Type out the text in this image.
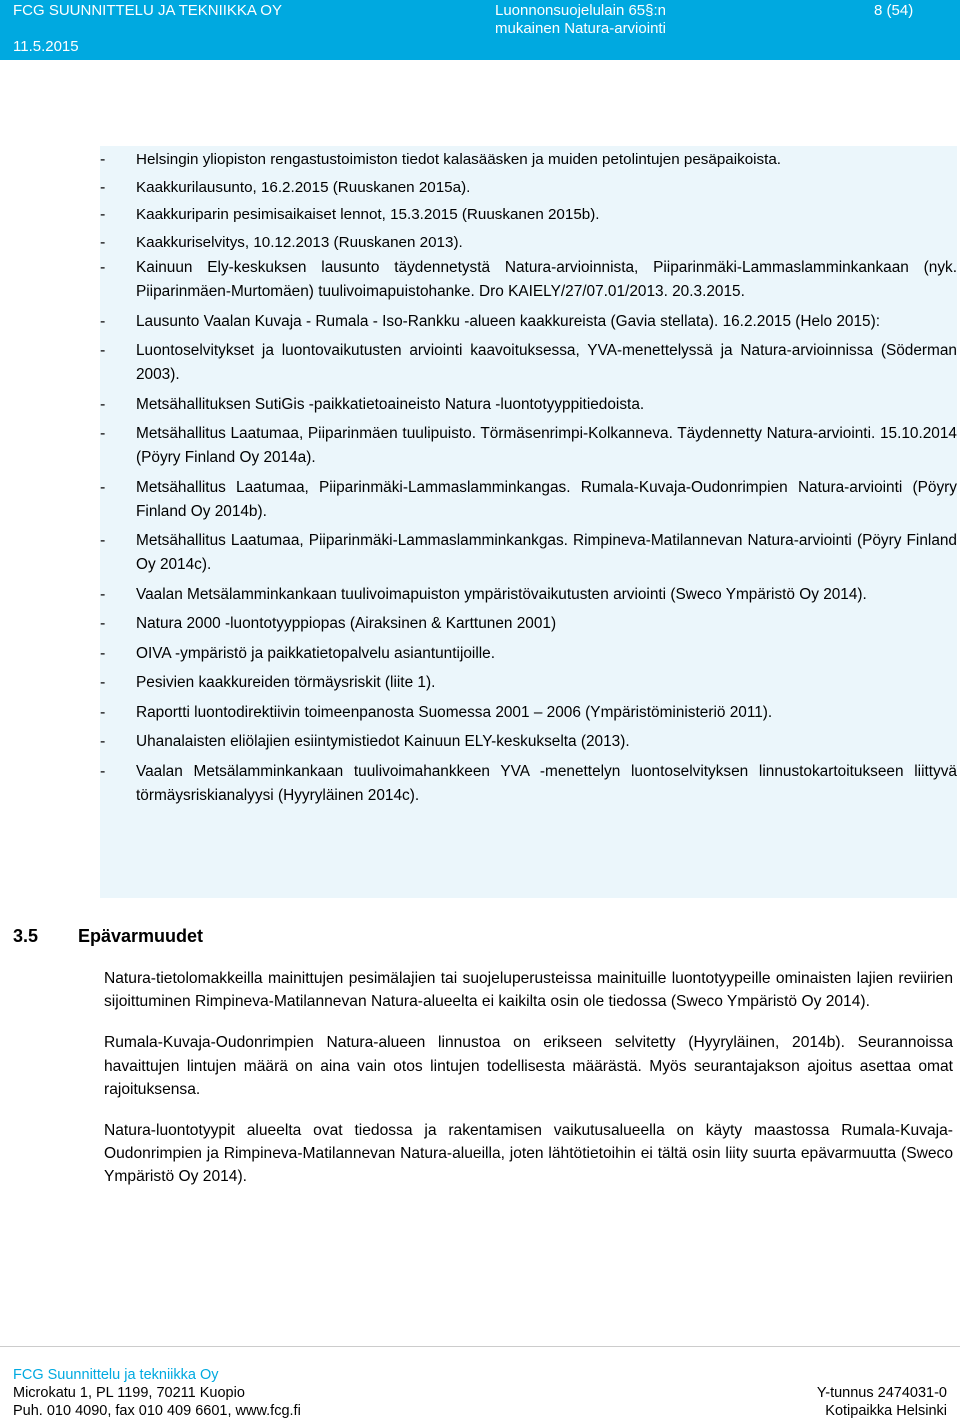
FCG SUUNNITTELU JA TEKNIIKKA OY
11.5.2015
Luonnonsuojelulain 65§:n
mukainen Natura-arviointi
8 (54)
- Helsingin yliopiston rengastustoimiston tiedot kalasääsken ja muiden petolintujen pesäpaikoista.
- Kaakkurilausunto, 16.2.2015 (Ruuskanen 2015a).
- Kaakkuriparin pesimisaikaiset lennot, 15.3.2015 (Ruuskanen 2015b).
- Kaakkuriselvitys, 10.12.2013 (Ruuskanen 2013).
- Kainuun Ely-keskuksen lausunto täydennetystä Natura-arvioinnista, Piiparinmäki-Lammaslamminkankaan (nyk. Piiparinmäen-Murtomäen) tuulivoimapuistohanke. Dro KAIELY/27/07.01/2013. 20.3.2015.
- Lausunto Vaalan Kuvaja - Rumala - Iso-Rankku -alueen kaakkureista (Gavia stellata). 16.2.2015 (Helo 2015):
- Luontoselvitykset ja luontovaikutusten arviointi kaavoituksessa, YVA-menettelyssä ja Natura-arvioinnissa (Söderman 2003).
- Metsähallituksen SutiGis -paikkatietoaineisto Natura -luontotyyppitiedoista.
- Metsähallitus Laatumaa, Piiparinmäen tuulipuisto. Törmäsenrimpi-Kolkanneva. Täydennetty Natura-arviointi. 15.10.2014 (Pöyry Finland Oy 2014a).
- Metsähallitus Laatumaa, Piiparinmäki-Lammaslamminkangas. Rumala-Kuvaja-Oudonrimpien Natura-arviointi (Pöyry Finland Oy 2014b).
- Metsähallitus Laatumaa, Piiparinmäki-Lammaslamminkankgas. Rimpineva-Matilannevan Natura-arviointi (Pöyry Finland Oy 2014c).
- Vaalan Metsälamminkankaan tuulivoimapuiston ympäristövaikutusten arviointi (Sweco Ympäristö Oy 2014).
- Natura 2000 -luontotyyppiopas (Airaksinen & Karttunen 2001)
- OIVA -ympäristö ja paikkatietopalvelu asiantuntijoille.
- Pesivien kaakkureiden törmäysriskit (liite 1).
- Raportti luontodirektiivin toimeenpanosta Suomessa 2001 – 2006 (Ympäristöministeriö 2011).
- Uhanalaisten eliölajien esiintymistiedot Kainuun ELY-keskukselta (2013).
- Vaalan Metsälamminkankaan tuulivoimahankkeen YVA -menettelyn luontoselvityksen linnustokartoitukseen liittyvä törmäysriskianalyysi (Hyyryläinen 2014c).
3.5 Epävarmuudet

Natura-tietolomakkeilla mainittujen pesimälajien tai suojeluperusteissa mainituille luontotyypeille ominaisten lajien reviirien sijoittuminen Rimpineva-Matilannevan Natura-alueelta ei kaikilta osin ole tiedossa (Sweco Ympäristö Oy 2014).

Rumala-Kuvaja-Oudonrimpien Natura-alueen linnustoa on erikseen selvitetty (Hyyryläinen, 2014b). Seurannoissa havaittujen lintujen määrä on aina vain otos lintujen todellisesta määrästä. Myös seurantajakson ajoitus asettaa omat rajoituksensa.

Natura-luontotyypit alueelta ovat tiedossa ja rakentamisen vaikutusalueella on käyty maastossa Rumala-Kuvaja-Oudonrimpien ja Rimpineva-Matilannevan Natura-alueilla, joten lähtötietoihin ei tältä osin liity suurta epävarmuutta (Sweco Ympäristö Oy 2014).

FCG Suunnittelu ja tekniikka Oy
Microkatu 1, PL 1199, 70211 Kuopio
Puh. 010 4090, fax 010 409 6601, www.fcg.fi
Y-tunnus 2474031-0
Kotipaikka Helsinki
